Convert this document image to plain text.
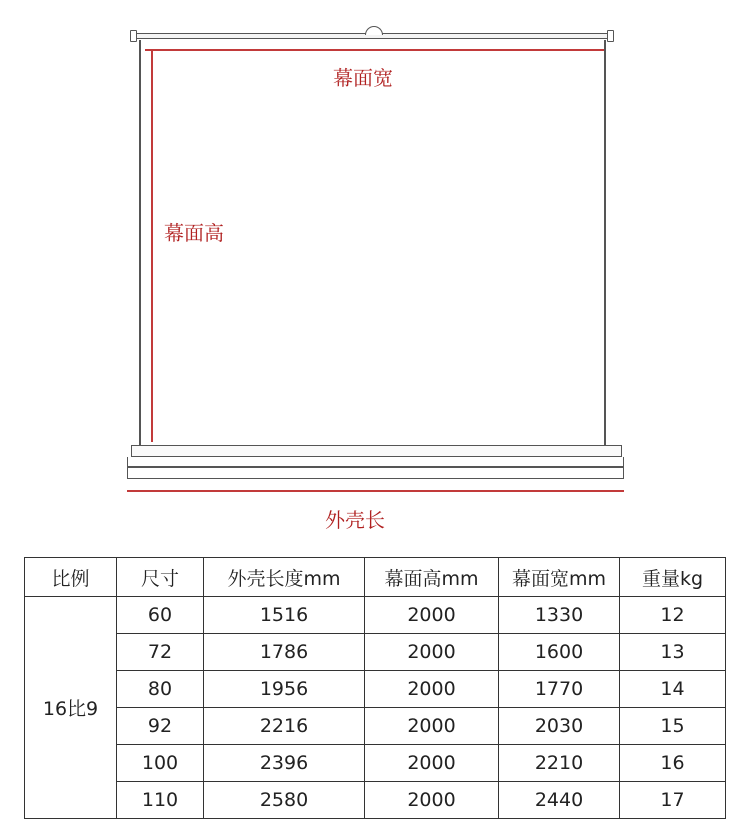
幕面宽
幕面高
外壳长
比例	尺寸	外壳长度mm	幕面高mm	幕面宽mm	重量kg
16比9	60	1516	2000	1330	12
	72	1786	2000	1600	13
	80	1956	2000	1770	14
	92	2216	2000	2030	15
	100	2396	2000	2210	16
	110	2580	2000	2440	17
